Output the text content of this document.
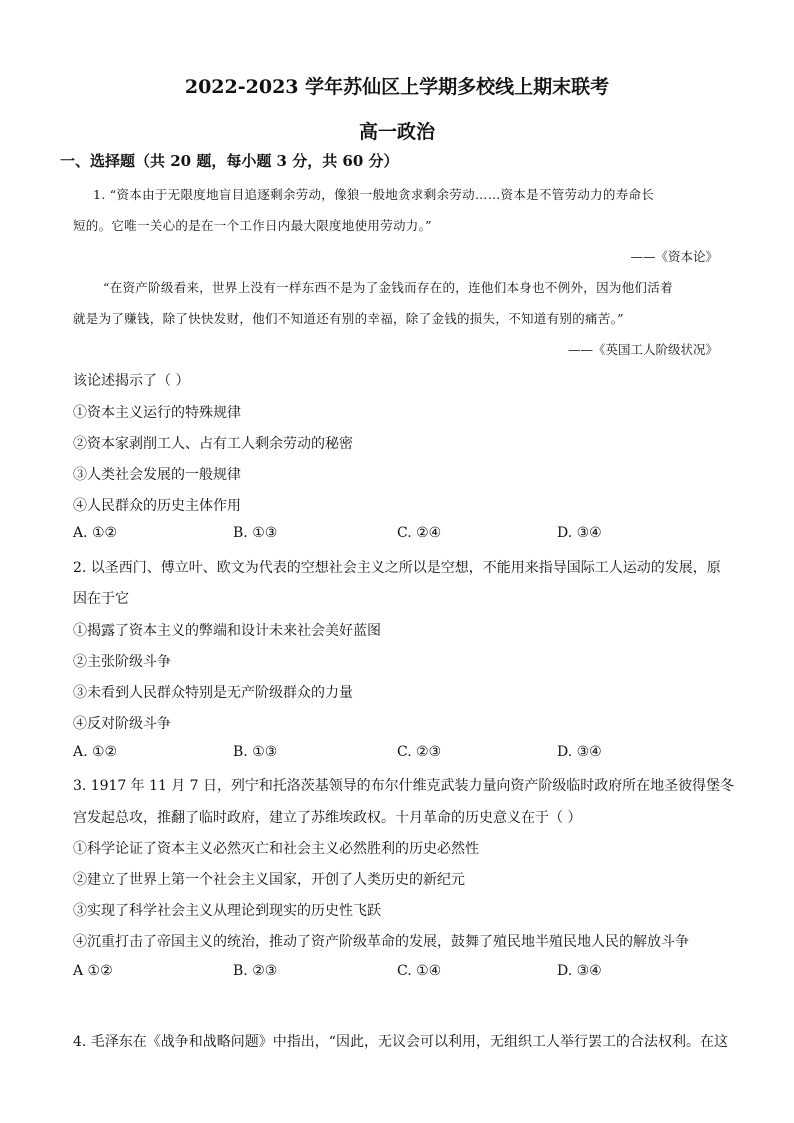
2022-2023 学年苏仙区上学期多校线上期末联考
高一政治
一、选择题（共 20 题，每小题 3 分，共 60 分）
1. “资本由于无限度地盲目追逐剩余劳动，像狼一般地贪求剩余劳动……资本是不管劳动力的寿命长
短的。它唯一关心的是在一个工作日内最大限度地使用劳动力。”
——《资本论》
“在资产阶级看来，世界上没有一样东西不是为了金钱而存在的，连他们本身也不例外，因为他们活着
就是为了赚钱，除了快快发财，他们不知道还有别的幸福，除了金钱的损失，不知道有别的痛苦。”
——《英国工人阶级状况》
该论述揭示了（ ）
①资本主义运行的特殊规律
②资本家剥削工人、占有工人剩余劳动的秘密
③人类社会发展的一般规律
④人民群众的历史主体作用
A. ①②	B. ①③	C. ②④	D. ③④
2. 以圣西门、傅立叶、欧文为代表的空想社会主义之所以是空想，不能用来指导国际工人运动的发展，原
因在于它
①揭露了资本主义的弊端和设计未来社会美好蓝图
②主张阶级斗争
③未看到人民群众特别是无产阶级群众的力量
④反对阶级斗争
A. ①②	B. ①③	C. ②③	D. ③④
3. 1917 年 11 月 7 日，列宁和托洛茨基领导的布尔什维克武装力量向资产阶级临时政府所在地圣彼得堡冬
宫发起总攻，推翻了临时政府，建立了苏维埃政权。十月革命的历史意义在于（ ）
①科学论证了资本主义必然灭亡和社会主义必然胜利的历史必然性
②建立了世界上第一个社会主义国家，开创了人类历史的新纪元
③实现了科学社会主义从理论到现实的历史性飞跃
④沉重打击了帝国主义的统治，推动了资产阶级革命的发展，鼓舞了殖民地半殖民地人民的解放斗争
A ①②	B. ②③	C. ①④	D. ③④
4. 毛泽东在《战争和战略问题》中指出，“因此，无议会可以利用，无组织工人举行罢工的合法权利。在这
